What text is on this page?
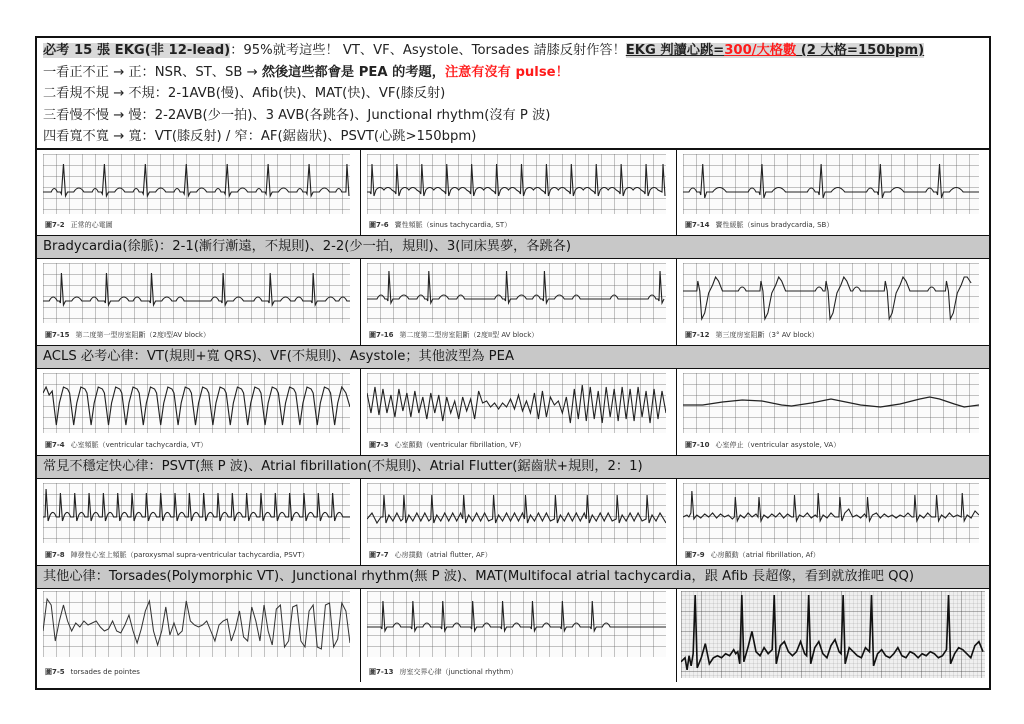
必考 15 張 EKG(非 12-lead)：95%就考這些！ VT、VF、Asystole、Torsades 請膝反射作答！EKG 判讀心跳=300/大格數 (2 大格=150bpm)
一看正不正 → 正：NSR、ST、SB → 然後這些都會是 PEA 的考題，注意有沒有 pulse！
二看規不規 → 不規：2-1AVB(慢)、Afib(快)、MAT(快)、VF(膝反射)
三看慢不慢 → 慢：2-2AVB(少一拍)、3 AVB(各跳各)、Junctional rhythm(沒有 P 波)
四看寬不寬 → 寬：VT(膝反射) / 窄：AF(鋸齒狀)、PSVT(心跳>150bpm)
圖7-2 正常的心電圖	圖7-6 竇性頻脈（sinus tachycardia, ST）	圖7-14 竇性緩脈（sinus bradycardia, SB）
Bradycardia(徐脈)：2-1(漸行漸遠，不規則)、2-2(少一拍，規則)、3(同床異夢，各跳各)
圖7-15 第二度第一型房室阻斷（2度I型AV block）	圖7-16 第二度第二型房室阻斷（2度II型 AV block）	圖7-12 第三度房室阻斷（3° AV block）
ACLS 必考心律：VT(規則+寬 QRS)、VF(不規則)、Asystole；其他波型為 PEA
圖7-4 心室頻脈（ventricular tachycardia, VT）	圖7-3 心室顫動（ventricular fibrillation, VF）	圖7-10 心室停止（ventricular asystole, VA）
常見不穩定快心律：PSVT(無 P 波)、Atrial fibrillation(不規則)、Atrial Flutter(鋸齒狀+規則，2：1)
圖7-8 陣發性心室上頻脈（paroxysmal supra-ventricular tachycardia, PSVT）	圖7-7 心房撲動（atrial flutter, AF）	圖7-9 心房顫動（atrial fibrillation, Af）
其他心律：Torsades(Polymorphic VT)、Junctional rhythm(無 P 波)、MAT(Multifocal atrial tachycardia，跟 Afib 長超像，看到就放推吧 QQ)
圖7-5 torsades de pointes	圖7-13 房室交界心律（junctional rhythm）
